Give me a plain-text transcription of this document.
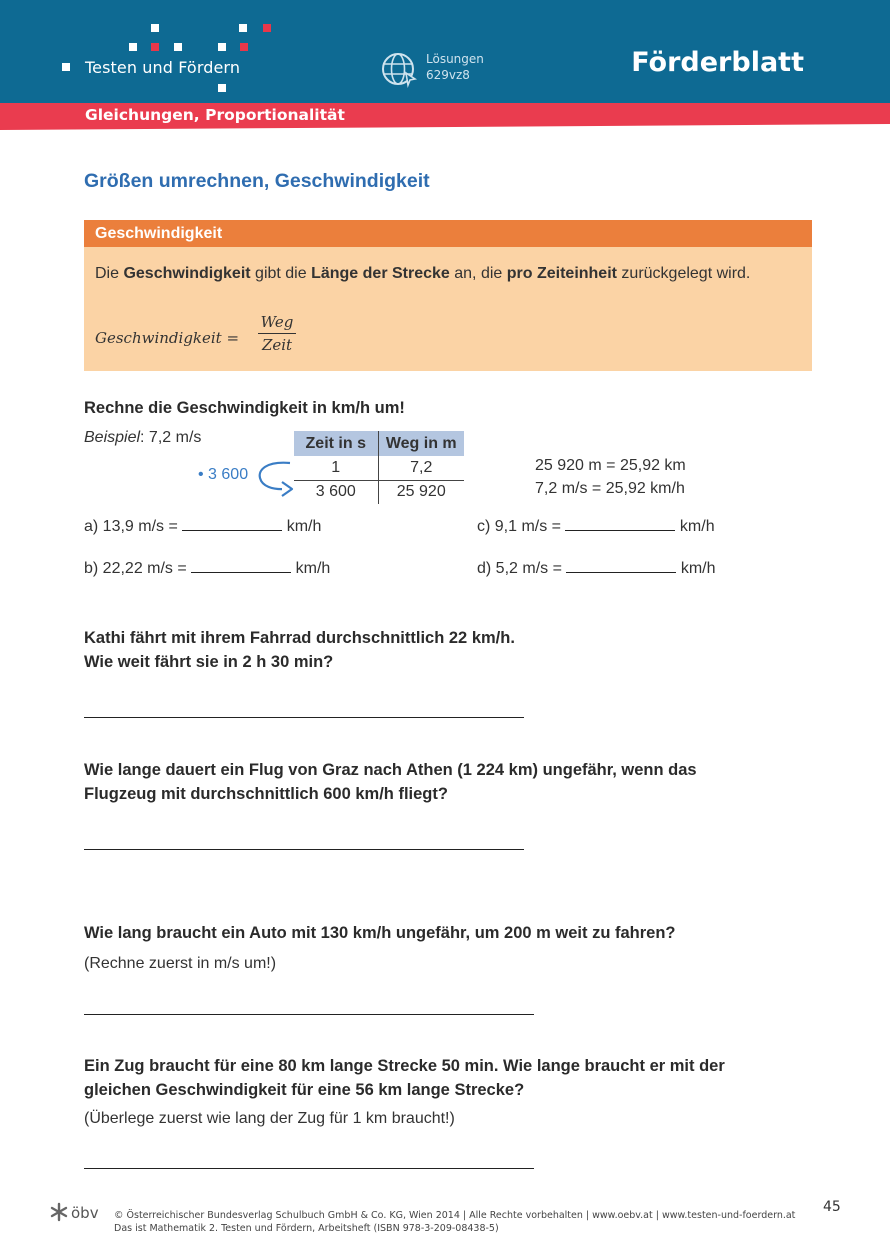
Testen und Fördern	Lösungen
629vz8	Förderblatt
Gleichungen, Proportionalität
Größen umrechnen, Geschwindigkeit
Geschwindigkeit
Die Geschwindigkeit gibt die Länge der Strecke an, die pro Zeiteinheit zurückgelegt wird.
Geschwindigkeit =
Weg
Zeit
Rechne die Geschwindigkeit in km/h um!
Beispiel: 7,2 m/s	Zeit in s	Weg in m
1	7,2
3 600	25 920
• 3 600
25 920 m = 25,92 km
7,2 m/s = 25,92 km/h
a) 13,9 m/s =	km/h
b) 22,22 m/s =	km/h
c) 9,1 m/s =	km/h
d) 5,2 m/s =	km/h
Kathi fährt mit ihrem Fahrrad durchschnittlich 22 km/h.
Wie weit fährt sie in 2 h 30 min?
Wie lange dauert ein Flug von Graz nach Athen (1 224 km) ungefähr, wenn das
Flugzeug mit durchschnittlich 600 km/h fliegt?
Wie lang braucht ein Auto mit 130 km/h ungefähr, um 200 m weit zu fahren?
(Rechne zuerst in m/s um!)
Ein Zug braucht für eine 80 km lange Strecke 50 min. Wie lange braucht er mit der
gleichen Geschwindigkeit für eine 56 km lange Strecke?
(Überlege zuerst wie lang der Zug für 1 km braucht!)
öbv © Österreichischer Bundesverlag Schulbuch GmbH & Co. KG, Wien 2014 | Alle Rechte vorbehalten | www.oebv.at | www.testen-und-foerdern.at
Das ist Mathematik 2. Testen und Fördern, Arbeitsheft (ISBN 978-3-209-08438-5)
45
